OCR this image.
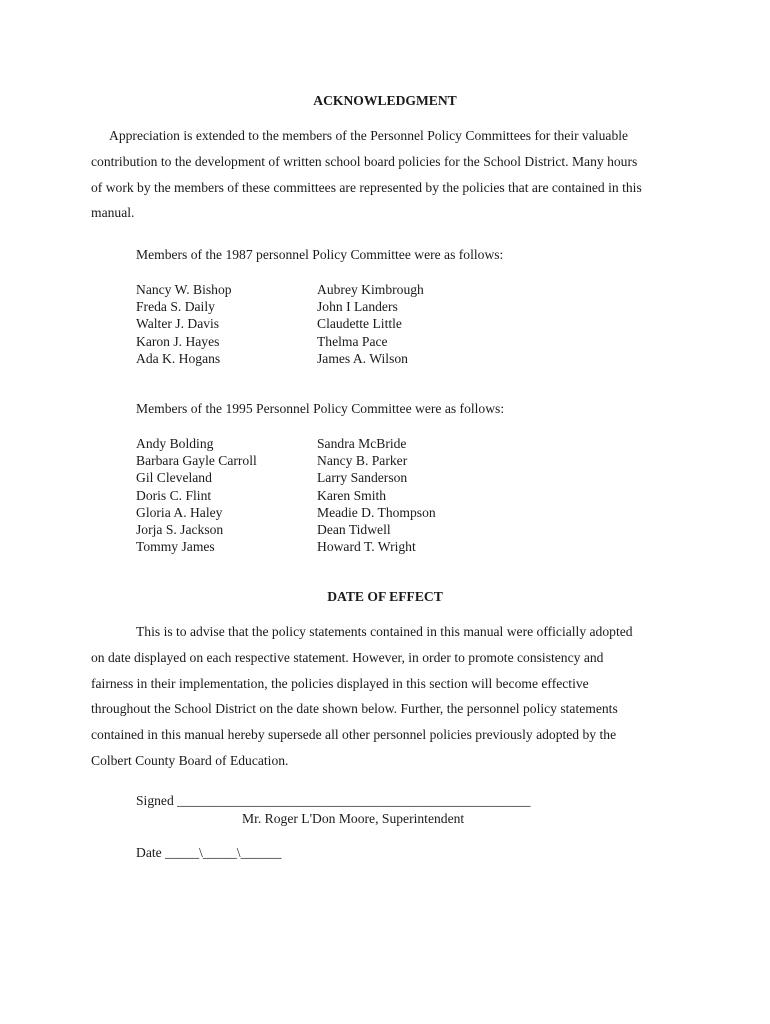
ACKNOWLEDGMENT
Appreciation is extended to the members of the Personnel Policy Committees for their valuable
contribution to the development of written school board policies for the School District. Many hours
of work by the members of these committees are represented by the policies that are contained in this
manual.
Members of the 1987 personnel Policy Committee were as follows:
Nancy W. Bishop	Aubrey Kimbrough
Freda S. Daily	John I Landers
Walter J. Davis	Claudette Little
Karon J. Hayes	Thelma Pace
Ada K. Hogans	James A. Wilson
Members of the 1995 Personnel Policy Committee were as follows:
Andy Bolding	Sandra McBride
Barbara Gayle Carroll	Nancy B. Parker
Gil Cleveland	Larry Sanderson
Doris C. Flint	Karen Smith
Gloria A. Haley	Meadie D. Thompson
Jorja S. Jackson	Dean Tidwell
Tommy James	Howard T. Wright
DATE OF EFFECT
This is to advise that the policy statements contained in this manual were officially adopted
on date displayed on each respective statement. However, in order to promote consistency and
fairness in their implementation, the policies displayed in this section will become effective
throughout the School District on the date shown below. Further, the personnel policy statements
contained in this manual hereby supersede all other personnel policies previously adopted by the
Colbert County Board of Education.
Signed ____________________________________________________
Mr. Roger L'Don Moore, Superintendent
Date _____\_____\______
